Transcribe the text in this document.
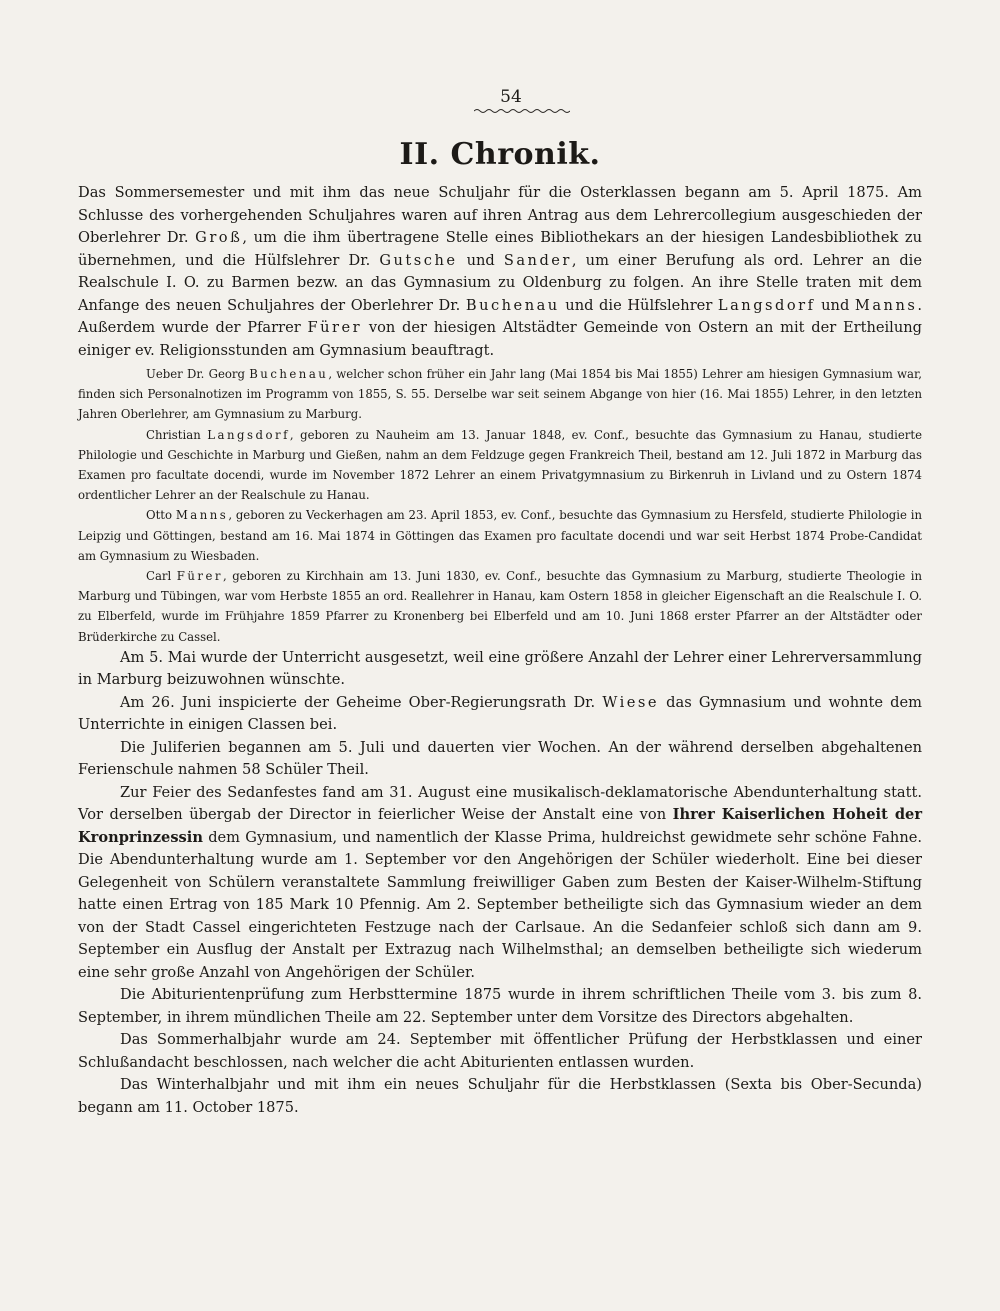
54
II. Chronik.

Das Sommersemester und mit ihm das neue Schuljahr für die Osterklassen begann am 5. April 1875. Am Schlusse des vorhergehenden Schuljahres waren auf ihren Antrag aus dem Lehrercollegium ausgeschieden der Oberlehrer Dr. Groß, um die ihm übertragene Stelle eines Bibliothekars an der hiesigen Landesbibliothek zu übernehmen, und die Hülfslehrer Dr. Gutsche und Sander, um einer Berufung als ord. Lehrer an die Realschule I. O. zu Barmen bezw. an das Gymnasium zu Oldenburg zu folgen. An ihre Stelle traten mit dem Anfange des neuen Schuljahres der Oberlehrer Dr. Buchenau und die Hülfslehrer Langsdorf und Manns. Außerdem wurde der Pfarrer Fürer von der hiesigen Altstädter Gemeinde von Ostern an mit der Ertheilung einiger ev. Religionsstunden am Gymnasium beauftragt.

Ueber Dr. Georg Buchenau, welcher schon früher ein Jahr lang (Mai 1854 bis Mai 1855) Lehrer am hiesigen Gymnasium war, finden sich Personalnotizen im Programm von 1855, S. 55. Derselbe war seit seinem Abgange von hier (16. Mai 1855) Lehrer, in den letzten Jahren Oberlehrer, am Gymnasium zu Marburg.

Christian Langsdorf, geboren zu Nauheim am 13. Januar 1848, ev. Conf., besuchte das Gymnasium zu Hanau, studierte Philologie und Geschichte in Marburg und Gießen, nahm an dem Feldzuge gegen Frankreich Theil, bestand am 12. Juli 1872 in Marburg das Examen pro facultate docendi, wurde im November 1872 Lehrer an einem Privatgymnasium zu Birkenruh in Livland und zu Ostern 1874 ordentlicher Lehrer an der Realschule zu Hanau.

Otto Manns, geboren zu Veckerhagen am 23. April 1853, ev. Conf., besuchte das Gymnasium zu Hersfeld, studierte Philologie in Leipzig und Göttingen, bestand am 16. Mai 1874 in Göttingen das Examen pro facultate docendi und war seit Herbst 1874 Probe-Candidat am Gymnasium zu Wiesbaden.

Carl Fürer, geboren zu Kirchhain am 13. Juni 1830, ev. Conf., besuchte das Gymnasium zu Marburg, studierte Theologie in Marburg und Tübingen, war vom Herbste 1855 an ord. Reallehrer in Hanau, kam Ostern 1858 in gleicher Eigenschaft an die Realschule I. O. zu Elberfeld, wurde im Frühjahre 1859 Pfarrer zu Kronenberg bei Elberfeld und am 10. Juni 1868 erster Pfarrer an der Altstädter oder Brüderkirche zu Cassel.

Am 5. Mai wurde der Unterricht ausgesetzt, weil eine größere Anzahl der Lehrer einer Lehrerversammlung in Marburg beizuwohnen wünschte.

Am 26. Juni inspicierte der Geheime Ober-Regierungsrath Dr. Wiese das Gymnasium und wohnte dem Unterrichte in einigen Classen bei.

Die Juliferien begannen am 5. Juli und dauerten vier Wochen. An der während derselben abgehaltenen Ferienschule nahmen 58 Schüler Theil.

Zur Feier des Sedanfestes fand am 31. August eine musikalisch-deklamatorische Abendunterhaltung statt. Vor derselben übergab der Director in feierlicher Weise der Anstalt eine von Ihrer Kaiserlichen Hoheit der Kronprinzessin dem Gymnasium, und namentlich der Klasse Prima, huldreichst gewidmete sehr schöne Fahne. Die Abendunterhaltung wurde am 1. September vor den Angehörigen der Schüler wiederholt. Eine bei dieser Gelegenheit von Schülern veranstaltete Sammlung freiwilliger Gaben zum Besten der Kaiser-Wilhelm-Stiftung hatte einen Ertrag von 185 Mark 10 Pfennig. Am 2. September betheiligte sich das Gymnasium wieder an dem von der Stadt Cassel eingerichteten Festzuge nach der Carlsaue. An die Sedanfeier schloß sich dann am 9. September ein Ausflug der Anstalt per Extrazug nach Wilhelmsthal; an demselben betheiligte sich wiederum eine sehr große Anzahl von Angehörigen der Schüler.

Die Abiturientenprüfung zum Herbsttermine 1875 wurde in ihrem schriftlichen Theile vom 3. bis zum 8. September, in ihrem mündlichen Theile am 22. September unter dem Vorsitze des Directors abgehalten.

Das Sommerhalbjahr wurde am 24. September mit öffentlicher Prüfung der Herbstklassen und einer Schlußandacht beschlossen, nach welcher die acht Abiturienten entlassen wurden.

Das Winterhalbjahr und mit ihm ein neues Schuljahr für die Herbstklassen (Sexta bis Ober-Secunda) begann am 11. October 1875.
